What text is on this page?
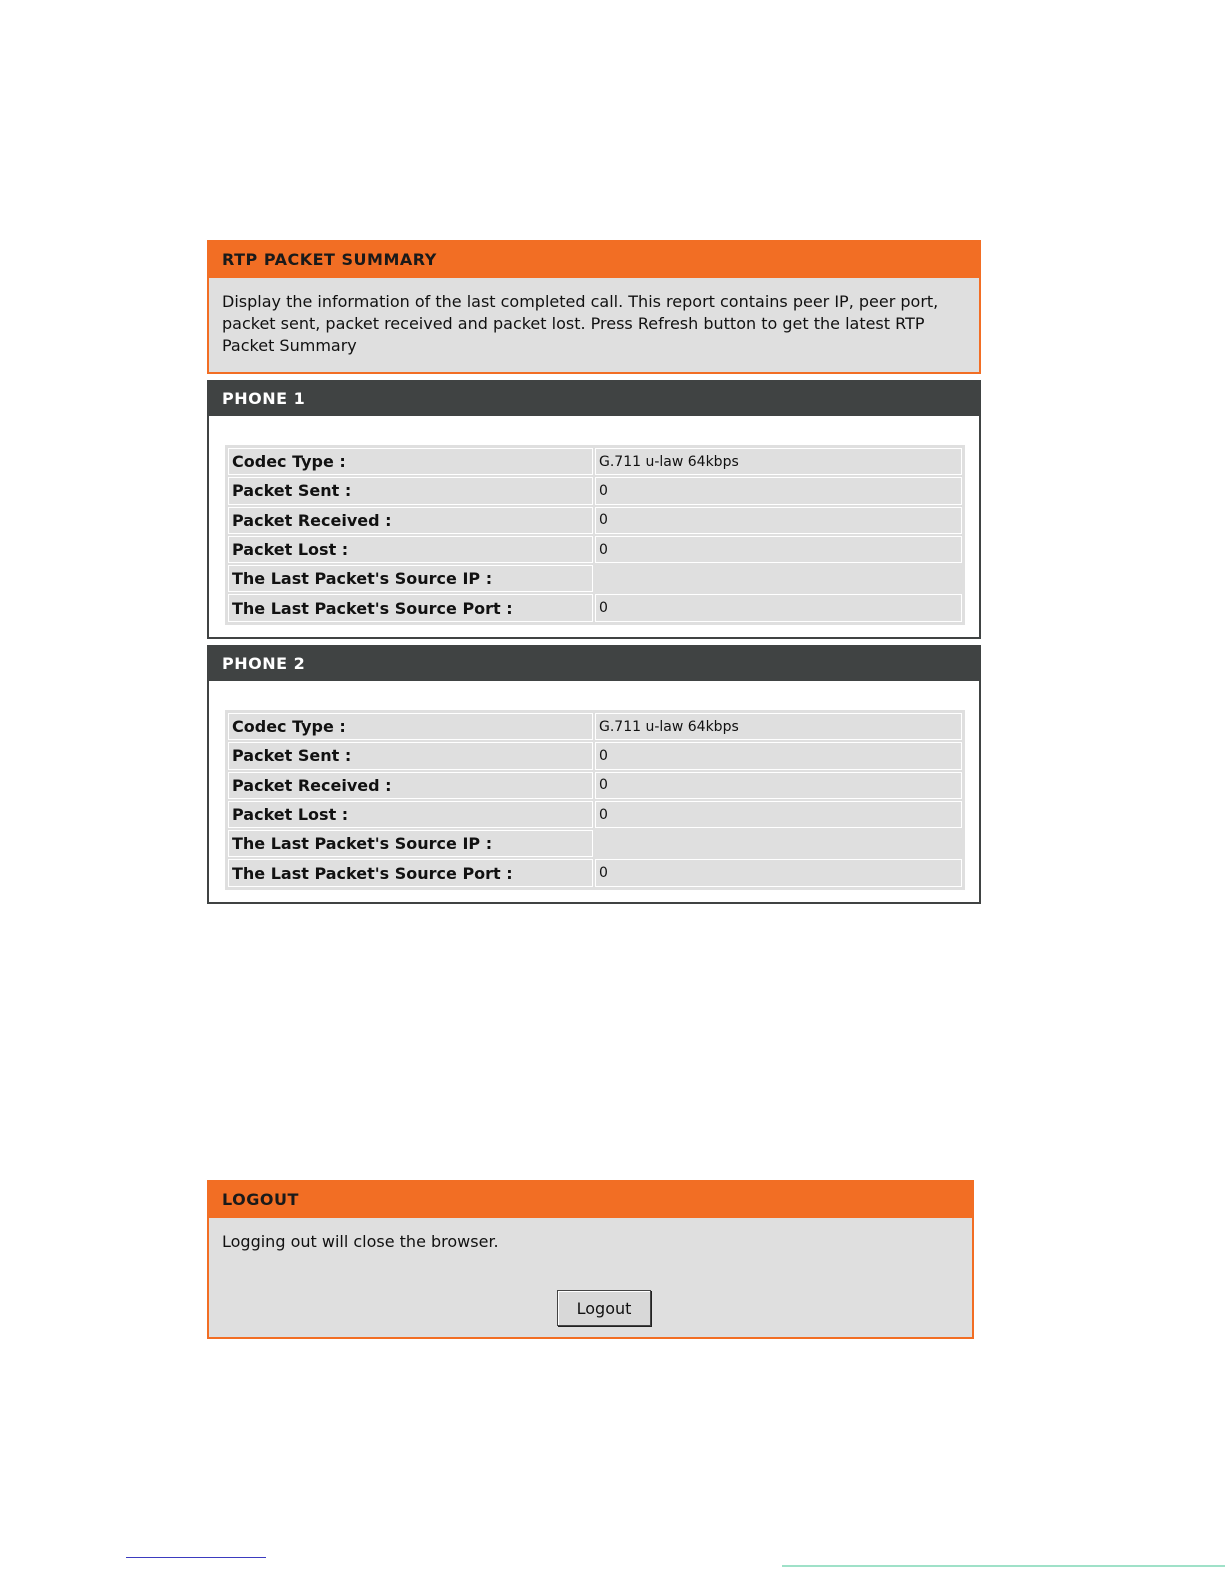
RTP PACKET SUMMARY
Display the information of the last completed call. This report contains peer IP, peer port, packet sent, packet received and packet lost. Press Refresh button to get the latest RTP Packet Summary
PHONE 1
Codec Type :	G.711 u-law 64kbps
Packet Sent :	0
Packet Received :	0
Packet Lost :	0
The Last Packet's Source IP :
The Last Packet's Source Port :	0
PHONE 2
Codec Type :	G.711 u-law 64kbps
Packet Sent :	0
Packet Received :	0
Packet Lost :	0
The Last Packet's Source IP :
The Last Packet's Source Port :	0
LOGOUT
Logging out will close the browser.
Logout
